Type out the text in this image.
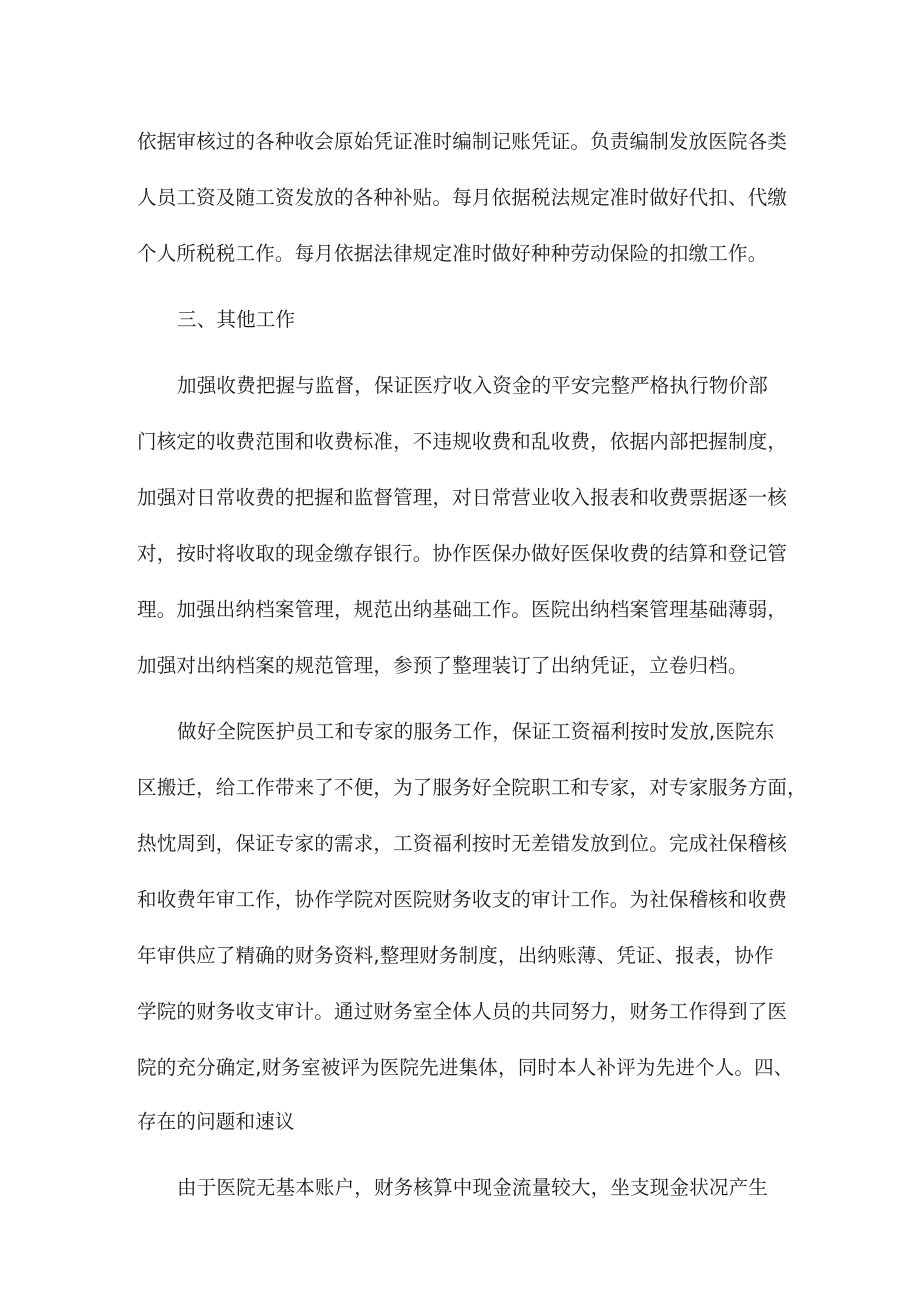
依据审核过的各种收会原始凭证准时编制记账凭证。负责编制发放医院各类
人员工资及随工资发放的各种补贴。每月依据税法规定准时做好代扣、代缴
个人所税税工作。每月依据法律规定准时做好种种劳动保险的扣缴工作。
三、其他工作
加强收费把握与监督，保证医疗收入资金的平安完整严格执行物价部
门核定的收费范围和收费标准，不违规收费和乱收费，依据内部把握制度，
加强对日常收费的把握和监督管理，对日常营业收入报表和收费票据逐一核
对，按时将收取的现金缴存银行。协作医保办做好医保收费的结算和登记管
理。加强出纳档案管理，规范出纳基础工作。医院出纳档案管理基础薄弱，
加强对出纳档案的规范管理，参预了整理装订了出纳凭证，立卷归档。
做好全院医护员工和专家的服务工作，保证工资福利按时发放,医院东
区搬迁，给工作带来了不便，为了服务好全院职工和专家，对专家服务方面，
热忱周到，保证专家的需求，工资福利按时无差错发放到位。完成社保稽核
和收费年审工作，协作学院对医院财务收支的审计工作。为社保稽核和收费
年审供应了精确的财务资料,整理财务制度，出纳账薄、凭证、报表，协作
学院的财务收支审计。通过财务室全体人员的共同努力，财务工作得到了医
院的充分确定,财务室被评为医院先进集体，同时本人补评为先进个人。四、
存在的问题和速议
由于医院无基本账户，财务核算中现金流量较大，坐支现金状况产生
